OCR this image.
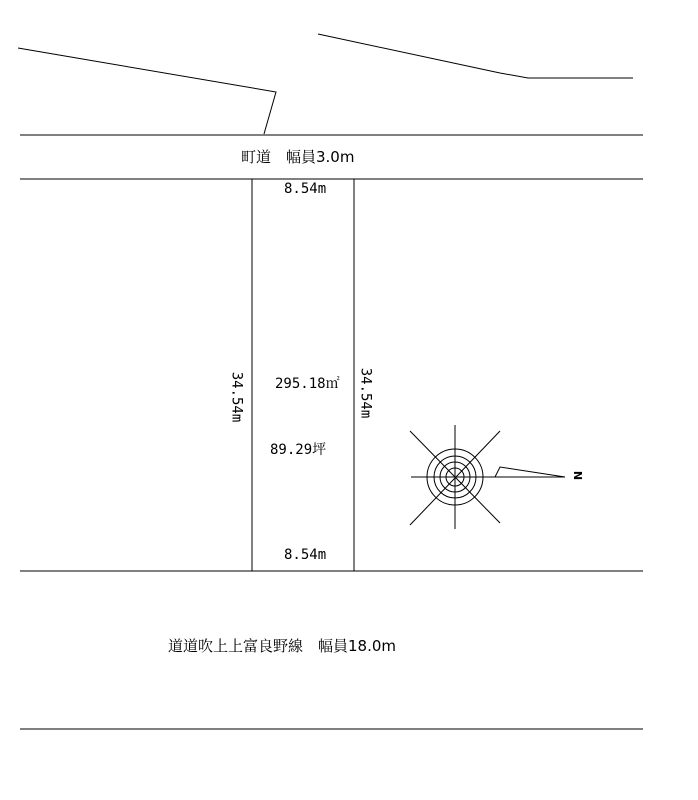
町道　幅員3.0m
道道吹上上富良野線　幅員18.0m
8.54m
8.54m
34.54m	34.54m
295.18㎡
89.29坪
N
